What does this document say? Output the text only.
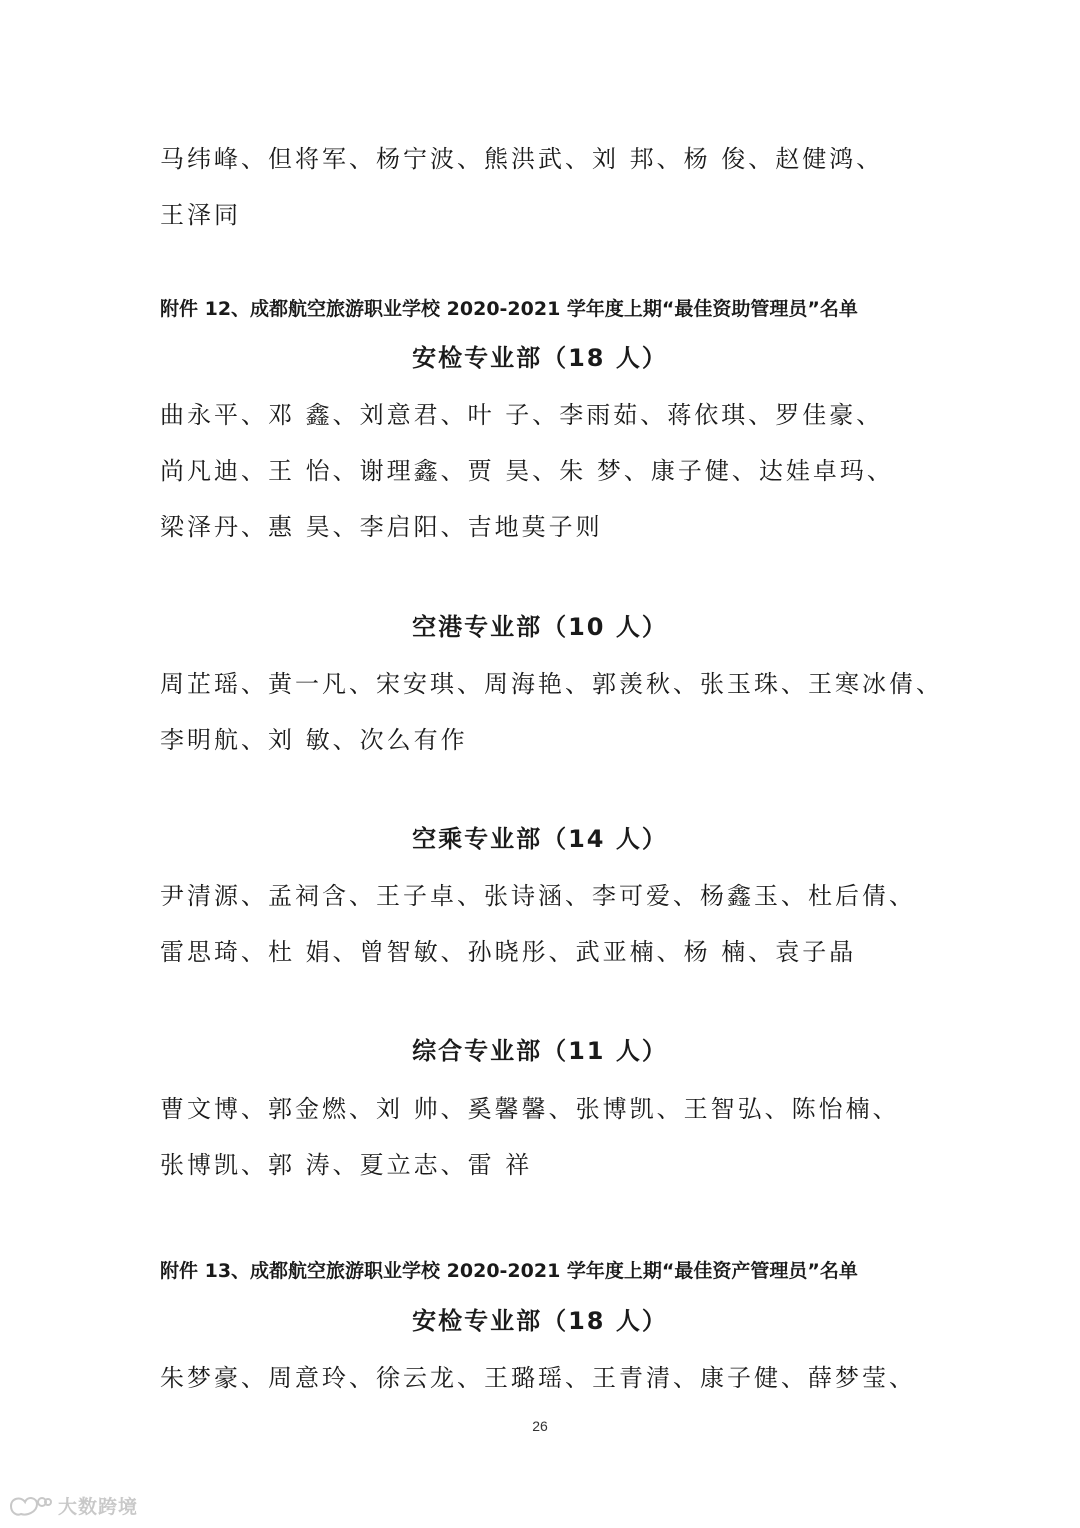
马纬峰、但将军、杨宁波、熊洪武、刘 邦、杨 俊、赵健鸿、
王泽同
附件 12、成都航空旅游职业学校 2020-2021 学年度上期“最佳资助管理员”名单
安检专业部（18 人）
曲永平、邓 鑫、刘意君、叶 子、李雨茹、蒋依琪、罗佳豪、
尚凡迪、王 怡、谢理鑫、贾 昊、朱 梦、康子健、达娃卓玛、
梁泽丹、惠 昊、李启阳、吉地莫子则
空港专业部（10 人）
周芷瑶、黄一凡、宋安琪、周海艳、郭羡秋、张玉珠、王寒冰倩、
李明航、刘 敏、次么有作
空乘专业部（14 人）
尹清源、孟祠含、王子卓、张诗涵、李可爱、杨鑫玉、杜后倩、
雷思琦、杜 娟、曾智敏、孙晓彤、武亚楠、杨 楠、袁子晶
综合专业部（11 人）
曹文博、郭金燃、刘 帅、奚馨馨、张博凯、王智弘、陈怡楠、
张博凯、郭 涛、夏立志、雷 祥
附件 13、成都航空旅游职业学校 2020-2021 学年度上期“最佳资产管理员”名单
安检专业部（18 人）
朱梦豪、周意玲、徐云龙、王璐瑶、王青清、康子健、薛梦莹、
26
大数跨境
